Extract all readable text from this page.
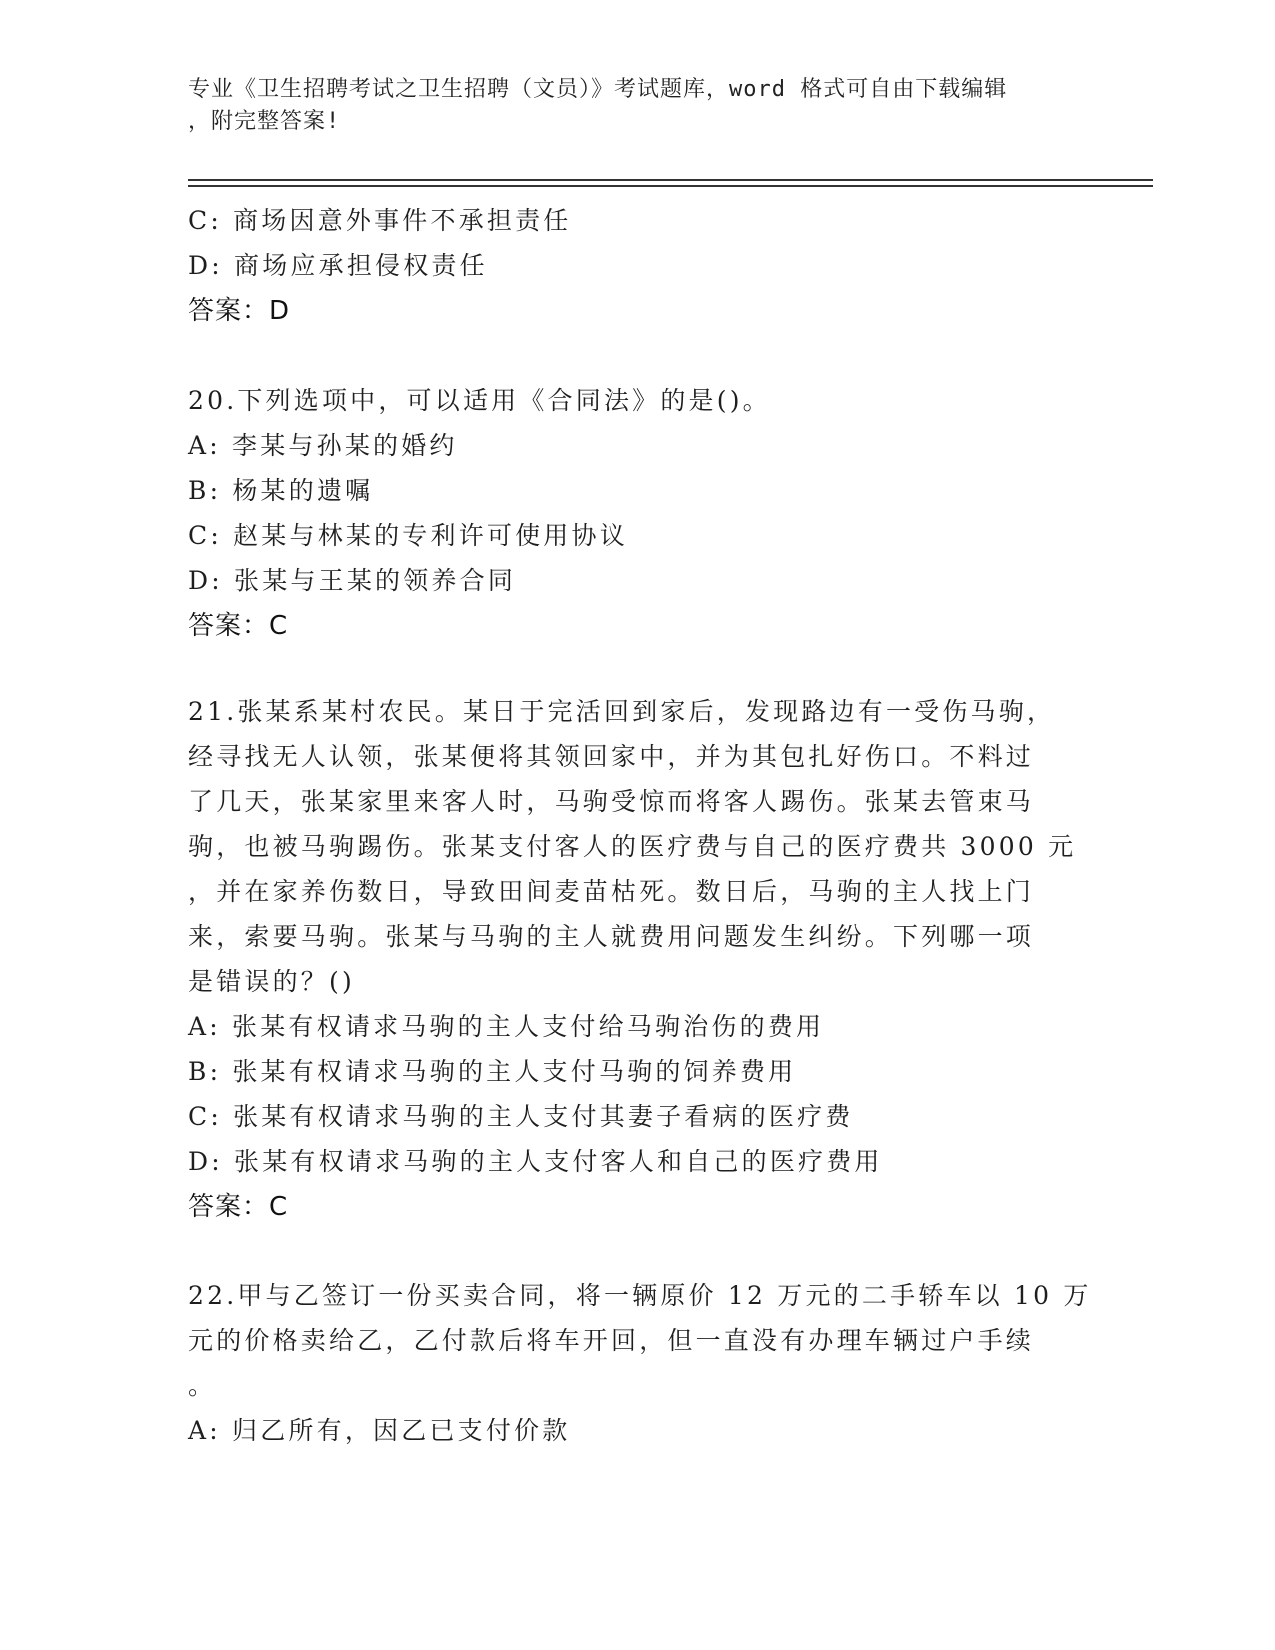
专业《卫生招聘考试之卫生招聘（文员）》考试题库，word 格式可自由下载编辑
，附完整答案!
C: 商场因意外事件不承担责任
D: 商场应承担侵权责任
答案：D
20.下列选项中，可以适用《合同法》的是()。
A: 李某与孙某的婚约
B: 杨某的遗嘱
C: 赵某与林某的专利许可使用协议
D: 张某与王某的领养合同
答案：C
21.张某系某村农民。某日于完活回到家后，发现路边有一受伤马驹，
经寻找无人认领，张某便将其领回家中，并为其包扎好伤口。不料过
了几天，张某家里来客人时，马驹受惊而将客人踢伤。张某去管束马
驹，也被马驹踢伤。张某支付客人的医疗费与自己的医疗费共 3000 元
，并在家养伤数日，导致田间麦苗枯死。数日后，马驹的主人找上门
来，索要马驹。张某与马驹的主人就费用问题发生纠纷。下列哪一项
是错误的？()
A: 张某有权请求马驹的主人支付给马驹治伤的费用
B: 张某有权请求马驹的主人支付马驹的饲养费用
C: 张某有权请求马驹的主人支付其妻子看病的医疗费
D: 张某有权请求马驹的主人支付客人和自己的医疗费用
答案：C
22.甲与乙签订一份买卖合同，将一辆原价 12 万元的二手轿车以 10 万
元的价格卖给乙，乙付款后将车开回，但一直没有办理车辆过户手续
。
A: 归乙所有，因乙已支付价款
